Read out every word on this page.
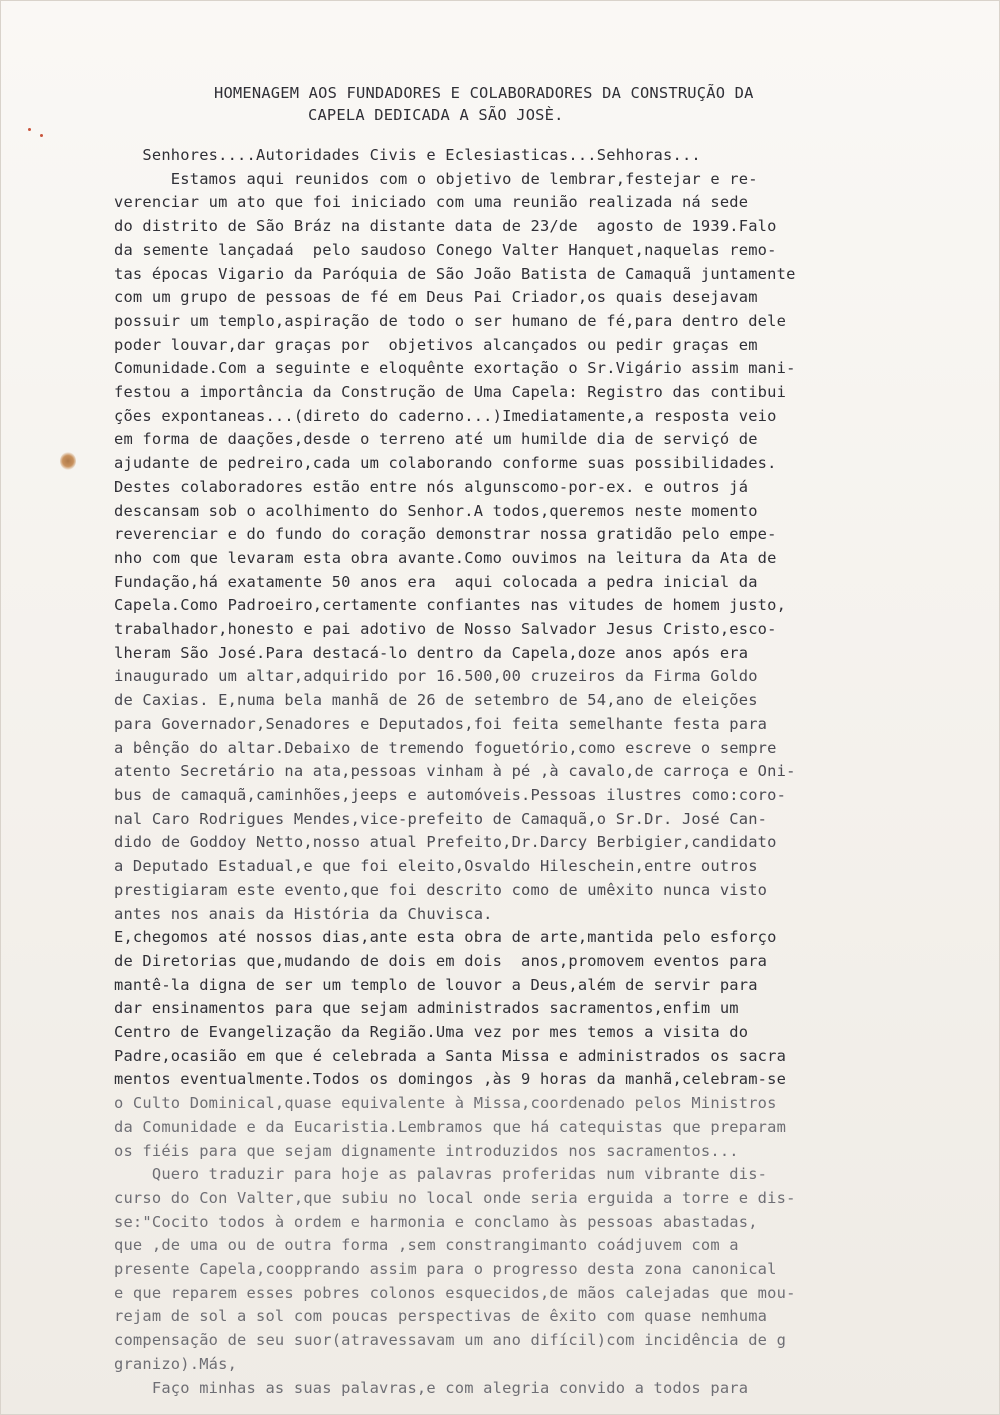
HOMENAGEM AOS FUNDADORES E COLABORADORES DA CONSTRUÇÃO DA
CAPELA DEDICADA A SÃO JOSÈ.
Senhores....Autoridades Civis e Eclesiasticas...Sehhoras...
Estamos aqui reunidos com o objetivo de lembrar,festejar e re-
verenciar um ato que foi iniciado com uma reunião realizada ná sede
do distrito de São Bráz na distante data de 23/de  agosto de 1939.Falo
da semente lançadaá  pelo saudoso Conego Valter Hanquet,naquelas remo-
tas épocas Vigario da Paróquia de São João Batista de Camaquã juntamente
com um grupo de pessoas de fé em Deus Pai Criador,os quais desejavam
possuir um templo,aspiração de todo o ser humano de fé,para dentro dele
poder louvar,dar graças por  objetivos alcançados ou pedir graças em
Comunidade.Com a seguinte e eloquênte exortação o Sr.Vigário assim mani-
festou a importância da Construção de Uma Capela: Registro das contibui
ções expontaneas...(direto do caderno...)Imediatamente,a resposta veio
em forma de daações,desde o terreno até um humilde dia de serviçó de
ajudante de pedreiro,cada um colaborando conforme suas possibilidades.
Destes colaboradores estão entre nós algunscomo-por-ex. e outros já
descansam sob o acolhimento do Senhor.A todos,queremos neste momento
reverenciar e do fundo do coração demonstrar nossa gratidão pelo empe-
nho com que levaram esta obra avante.Como ouvimos na leitura da Ata de
Fundação,há exatamente 50 anos era  aqui colocada a pedra inicial da
Capela.Como Padroeiro,certamente confiantes nas vitudes de homem justo,
trabalhador,honesto e pai adotivo de Nosso Salvador Jesus Cristo,esco-
lheram São José.Para destacá-lo dentro da Capela,doze anos após era
inaugurado um altar,adquirido por 16.500,00 cruzeiros da Firma Goldo
de Caxias. E,numa bela manhã de 26 de setembro de 54,ano de eleições
para Governador,Senadores e Deputados,foi feita semelhante festa para
a bênção do altar.Debaixo de tremendo foguetório,como escreve o sempre
atento Secretário na ata,pessoas vinham à pé ,à cavalo,de carroça e Oni-
bus de camaquã,caminhões,jeeps e automóveis.Pessoas ilustres como:coro-
nal Caro Rodrigues Mendes,vice-prefeito de Camaquã,o Sr.Dr. José Can-
dido de Goddoy Netto,nosso atual Prefeito,Dr.Darcy Berbigier,candidato
a Deputado Estadual,e que foi eleito,Osvaldo Hileschein,entre outros
prestigiaram este evento,que foi descrito como de umêxito nunca visto
antes nos anais da História da Chuvisca.
E,chegomos até nossos dias,ante esta obra de arte,mantida pelo esforço
de Diretorias que,mudando de dois em dois  anos,promovem eventos para
mantê-la digna de ser um templo de louvor a Deus,além de servir para
dar ensinamentos para que sejam administrados sacramentos,enfim um
Centro de Evangelização da Região.Uma vez por mes temos a visita do
Padre,ocasião em que é celebrada a Santa Missa e administrados os sacra
mentos eventualmente.Todos os domingos ,às 9 horas da manhã,celebram-se
o Culto Dominical,quase equivalente à Missa,coordenado pelos Ministros
da Comunidade e da Eucaristia.Lembramos que há catequistas que preparam
os fiéis para que sejam dignamente introduzidos nos sacramentos...
Quero traduzir para hoje as palavras proferidas num vibrante dis-
curso do Con Valter,que subiu no local onde seria erguida a torre e dis-
se:"Cocito todos à ordem e harmonia e conclamo às pessoas abastadas,
que ,de uma ou de outra forma ,sem constrangimanto coádjuvem com a
presente Capela,coopprando assim para o progresso desta zona canonical
e que reparem esses pobres colonos esquecidos,de mãos calejadas que mou-
rejam de sol a sol com poucas perspectivas de êxito com quase nemhuma
compensação de seu suor(atravessavam um ano difícil)com incidência de g
granizo).Más,
Faço minhas as suas palavras,e com alegria convido a todos para
